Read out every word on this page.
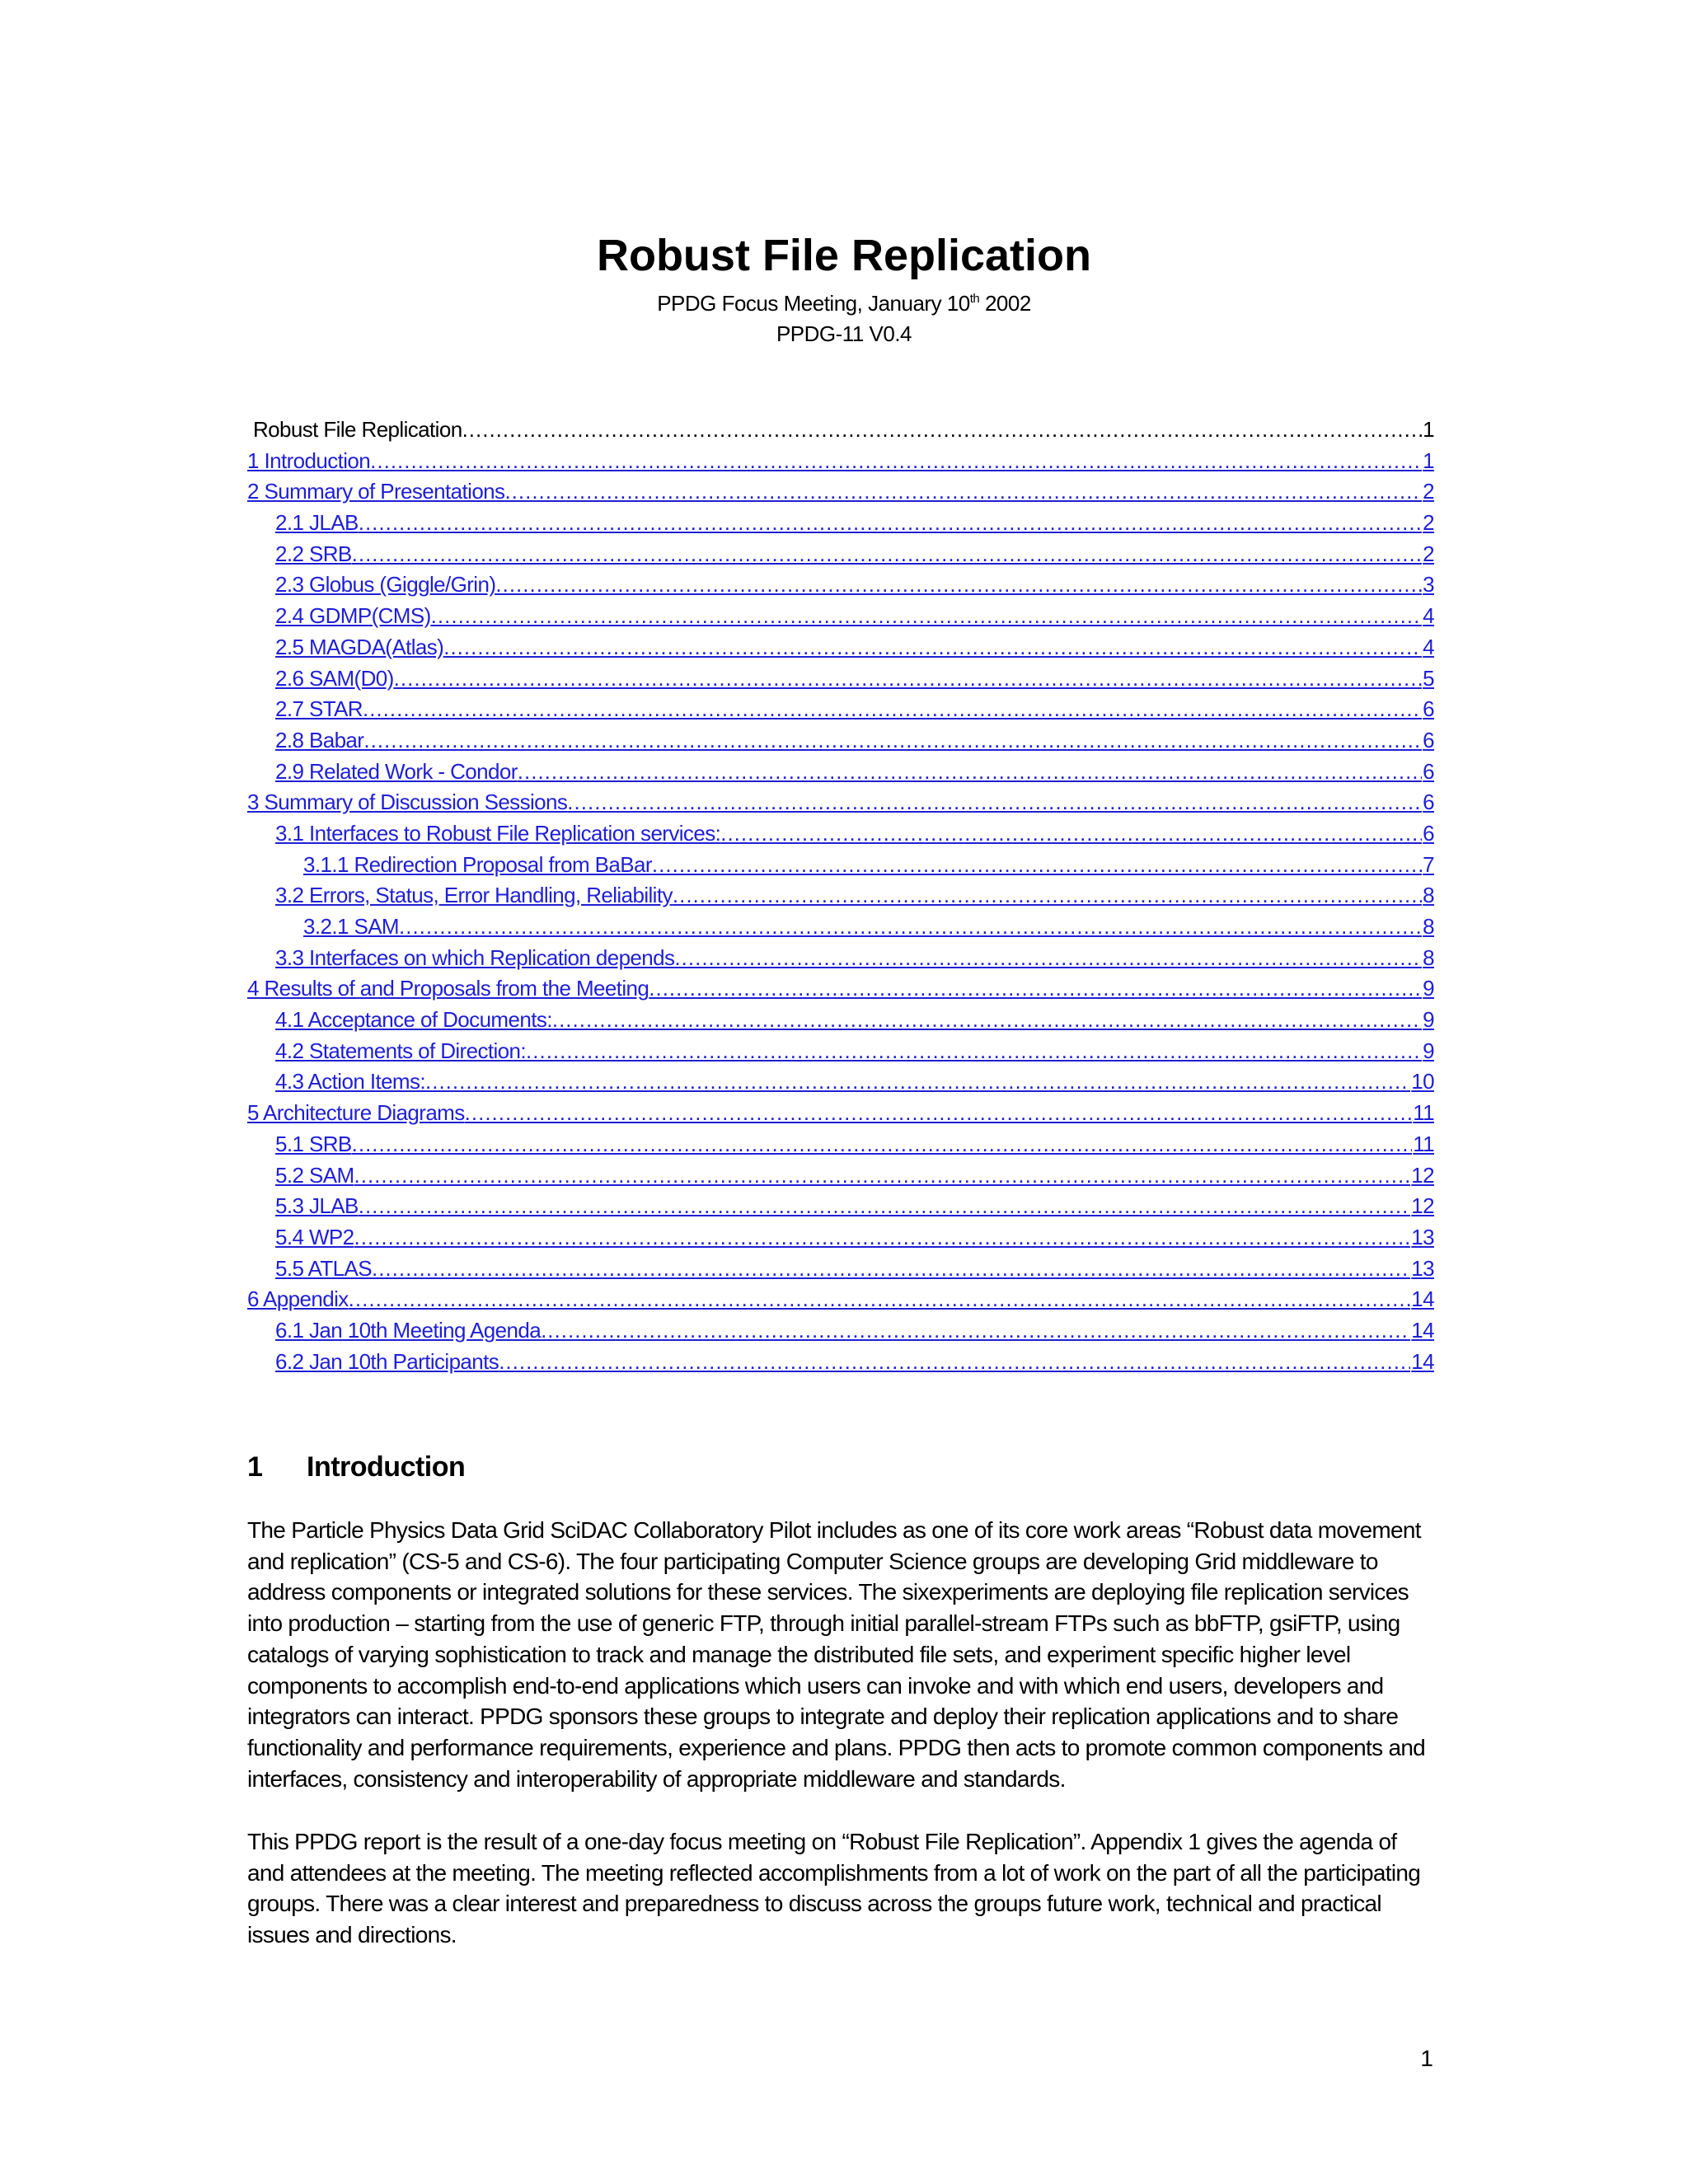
Robust File Replication
PPDG Focus Meeting, January 10th 2002
PPDG-11 V0.4
Robust File Replication .....	1
1 Introduction .....	1
2 Summary of Presentations .....	2
2.1 JLAB .....	2
2.2 SRB .....	2
2.3 Globus (Giggle/Grin) .....	3
2.4 GDMP(CMS) .....	4
2.5 MAGDA(Atlas) .....	4
2.6 SAM(D0) .....	5
2.7 STAR .....	6
2.8 Babar .....	6
2.9 Related Work - Condor .....	6
3 Summary of Discussion Sessions .....	6
3.1 Interfaces to Robust File Replication services: .....	6
3.1.1 Redirection Proposal from BaBar .....	7
3.2 Errors, Status, Error Handling, Reliability .....	8
3.2.1 SAM .....	8
3.3 Interfaces on which Replication depends .....	8
4 Results of and Proposals from the Meeting .....	9
4.1 Acceptance of Documents: .....	9
4.2 Statements of Direction: .....	9
4.3 Action Items: .....	10
5 Architecture Diagrams .....	11
5.1 SRB .....	11
5.2 SAM .....	12
5.3 JLAB .....	12
5.4 WP2 .....	13
5.5 ATLAS .....	13
6 Appendix .....	14
6.1 Jan 10th Meeting Agenda .....	14
6.2 Jan 10th Participants .....	14
1 Introduction

The Particle Physics Data Grid SciDAC Collaboratory Pilot includes as one of its core work areas “Robust data movement and replication” (CS-5 and CS-6). The four participating Computer Science groups are developing Grid middleware to address components or integrated solutions for these services. The sixexperiments are deploying file replication services into production – starting from the use of generic FTP, through initial parallel-stream FTPs such as bbFTP, gsiFTP, using catalogs of varying sophistication to track and manage the distributed file sets, and experiment specific higher level components to accomplish end-to-end applications which users can invoke and with which end users, developers and integrators can interact. PPDG sponsors these groups to integrate and deploy their replication applications and to share functionality and performance requirements, experience and plans. PPDG then acts to promote common components and interfaces, consistency and interoperability of appropriate middleware and standards.

This PPDG report is the result of a one-day focus meeting on “Robust File Replication”. Appendix 1 gives the agenda of and attendees at the meeting. The meeting reflected accomplishments from a lot of work on the part of all the participating groups. There was a clear interest and preparedness to discuss across the groups future work, technical and practical issues and directions.

1
